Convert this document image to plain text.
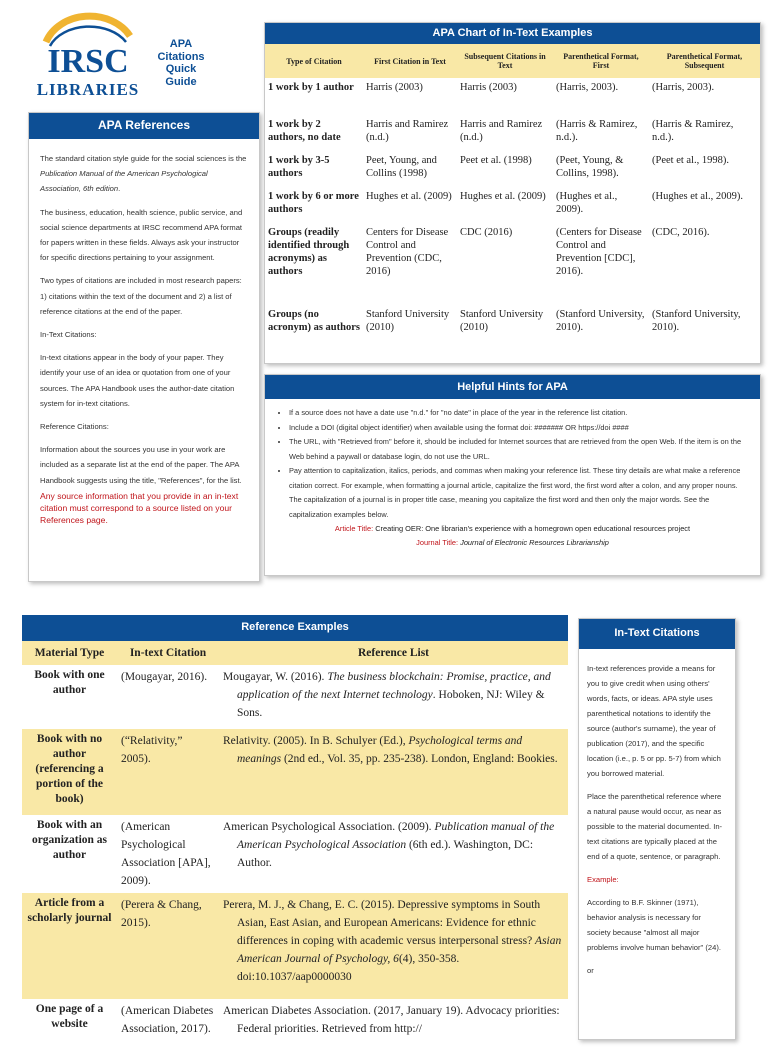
IRSC
LIBRARIES
APA
Citations
Quick
Guide
APA References

The standard citation style guide for the social sciences is the Publication Manual of the American Psychological Association, 6th edition.

The business, education, health science, public service, and social science departments at IRSC recommend APA format for papers written in these fields. Always ask your instructor for specific directions pertaining to your assignment.

Two types of citations are included in most research papers: 1) citations within the text of the document and 2) a list of reference citations at the end of the paper.

In-Text Citations:

In-text citations appear in the body of your paper. They identify your use of an idea or quotation from one of your sources. The APA Handbook uses the author-date citation system for in-text citations.

Reference Citations:

Information about the sources you use in your work are included as a separate list at the end of the paper. The APA Handbook suggests using the title, "References", for the list.

Any source information that you provide in an in-text citation must correspond to a source listed on your References page.

APA Chart of In-Text Examples
Type of Citation	First Citation in Text	Subsequent Citations in Text	Parenthetical Format, First	Parenthetical Format, Subsequent
1 work by 1 author	Harris (2003)	Harris (2003)	(Harris, 2003).	(Harris, 2003).
1 work by 2 authors, no date	Harris and Ramirez (n.d.)	Harris and Ramirez (n.d.)	(Harris & Ramirez, n.d.).	(Harris & Ramirez, n.d.).
1 work by 3-5 authors	Peet, Young, and Collins (1998)	Peet et al. (1998)	(Peet, Young, & Collins, 1998).	(Peet et al., 1998).
1 work by 6 or more authors	Hughes et al. (2009)	Hughes et al. (2009)	(Hughes et al., 2009).	(Hughes et al., 2009).
Groups (readily identified through acronyms) as authors	Centers for Disease Control and Prevention (CDC, 2016)	CDC (2016)	(Centers for Disease Control and Prevention [CDC], 2016).	(CDC, 2016).
Groups (no acronym) as authors	Stanford University (2010)	Stanford University (2010)	(Stanford University, 2010).	(Stanford University, 2010).
Helpful Hints for APA
• If a source does not have a date use "n.d." for "no date" in place of the year in the reference list citation.
• Include a DOI (digital object identifier) when available using the format doi: ####### OR https://doi ####
• The URL, with "Retrieved from" before it, should be included for Internet sources that are retrieved from the open Web. If the item is on the Web behind a paywall or database login, do not use the URL.
• Pay attention to capitalization, italics, periods, and commas when making your reference list. These tiny details are what make a reference citation correct. For example, when formatting a journal article, capitalize the first word, the first word after a colon, and any proper nouns. The capitalization of a journal is in proper title case, meaning you capitalize the first word and then only the major words. See the capitalization examples below.
Article Title: Creating OER: One librarian's experience with a homegrown open educational resources project
Journal Title: Journal of Electronic Resources Librarianship
Reference Examples
Material Type	In-text Citation	Reference List
Book with one author	(Mougayar, 2016).	Mougayar, W. (2016). The business blockchain: Promise, practice, and application of the next Internet technology. Hoboken, NJ: Wiley & Sons.
Book with no author (referencing a portion of the book)	(“Relativity,” 2005).	Relativity. (2005). In B. Schulyer (Ed.), Psychological terms and meanings (2nd ed., Vol. 35, pp. 235-238). London, England: Bookies.
Book with an organization as author	(American Psychological Association [APA], 2009).	American Psychological Association. (2009). Publication manual of the American Psychological Association (6th ed.). Washington, DC: Author.
Article from a scholarly journal	(Perera & Chang, 2015).	Perera, M. J., & Chang, E. C. (2015). Depressive symptoms in South Asian, East Asian, and European Americans: Evidence for ethnic differences in coping with academic versus interpersonal stress? Asian American Journal of Psychology, 6(4), 350-358. doi:10.1037/aap0000030
One page of a website	(American Diabetes Association, 2017).	American Diabetes Association. (2017, January 19). Advocacy priorities: Federal priorities. Retrieved from http://
In-Text Citations

In-text references provide a means for you to give credit when using others' words, facts, or ideas. APA style uses parenthetical notations to identify the source (author's surname), the year of publication (2017), and the specific location (i.e., p. 5 or pp. 5-7) from which you borrowed material.

Place the parenthetical reference where a natural pause would occur, as near as possible to the material documented. In-text citations are typically placed at the end of a quote, sentence, or paragraph.

Example:

According to B.F. Skinner (1971), behavior analysis is necessary for society because "almost all major problems involve human behavior" (24).

or
